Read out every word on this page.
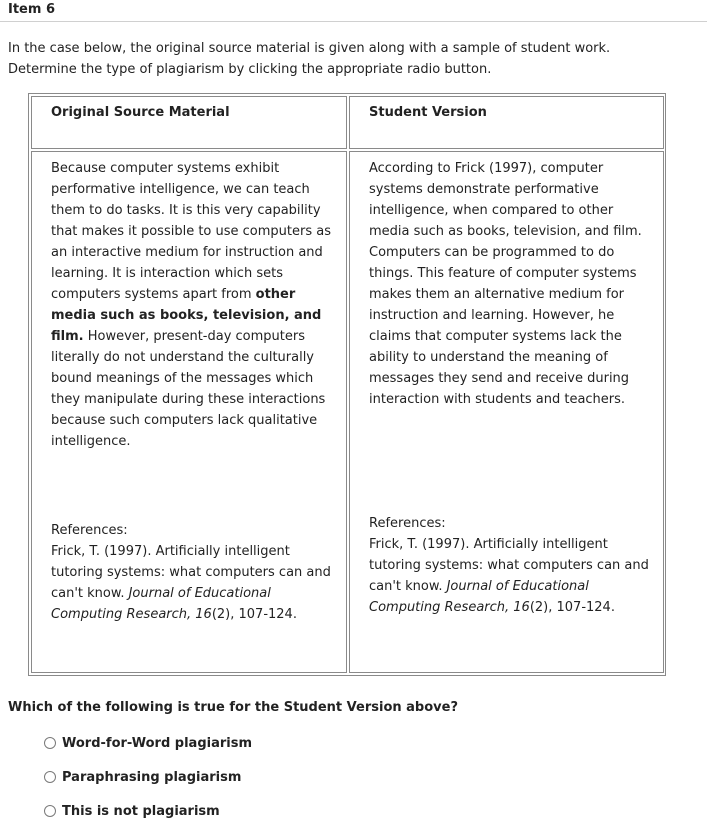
Item 6
In the case below, the original source material is given along with a sample of student work. Determine the type of plagiarism by clicking the appropriate radio button.
Original Source Material	Student Version
Because computer systems exhibit performative intelligence, we can teach them to do tasks. It is this very capability that makes it possible to use computers as an interactive medium for instruction and learning. It is interaction which sets computers systems apart from other media such as books, television, and film. However, present-day computers literally do not understand the culturally bound meanings of the messages which they manipulate during these interactions because such computers lack qualitative intelligence.
References:
Frick, T. (1997). Artificially intelligent tutoring systems: what computers can and can't know. Journal of Educational Computing Research, 16(2), 107-124.
According to Frick (1997), computer systems demonstrate performative intelligence, when compared to other media such as books, television, and film. Computers can be programmed to do things. This feature of computer systems makes them an alternative medium for instruction and learning. However, he claims that computer systems lack the ability to understand the meaning of messages they send and receive during interaction with students and teachers.
References:
Frick, T. (1997). Artificially intelligent tutoring systems: what computers can and can't know. Journal of Educational Computing Research, 16(2), 107-124.
Which of the following is true for the Student Version above?
Word-for-Word plagiarism
Paraphrasing plagiarism
This is not plagiarism
